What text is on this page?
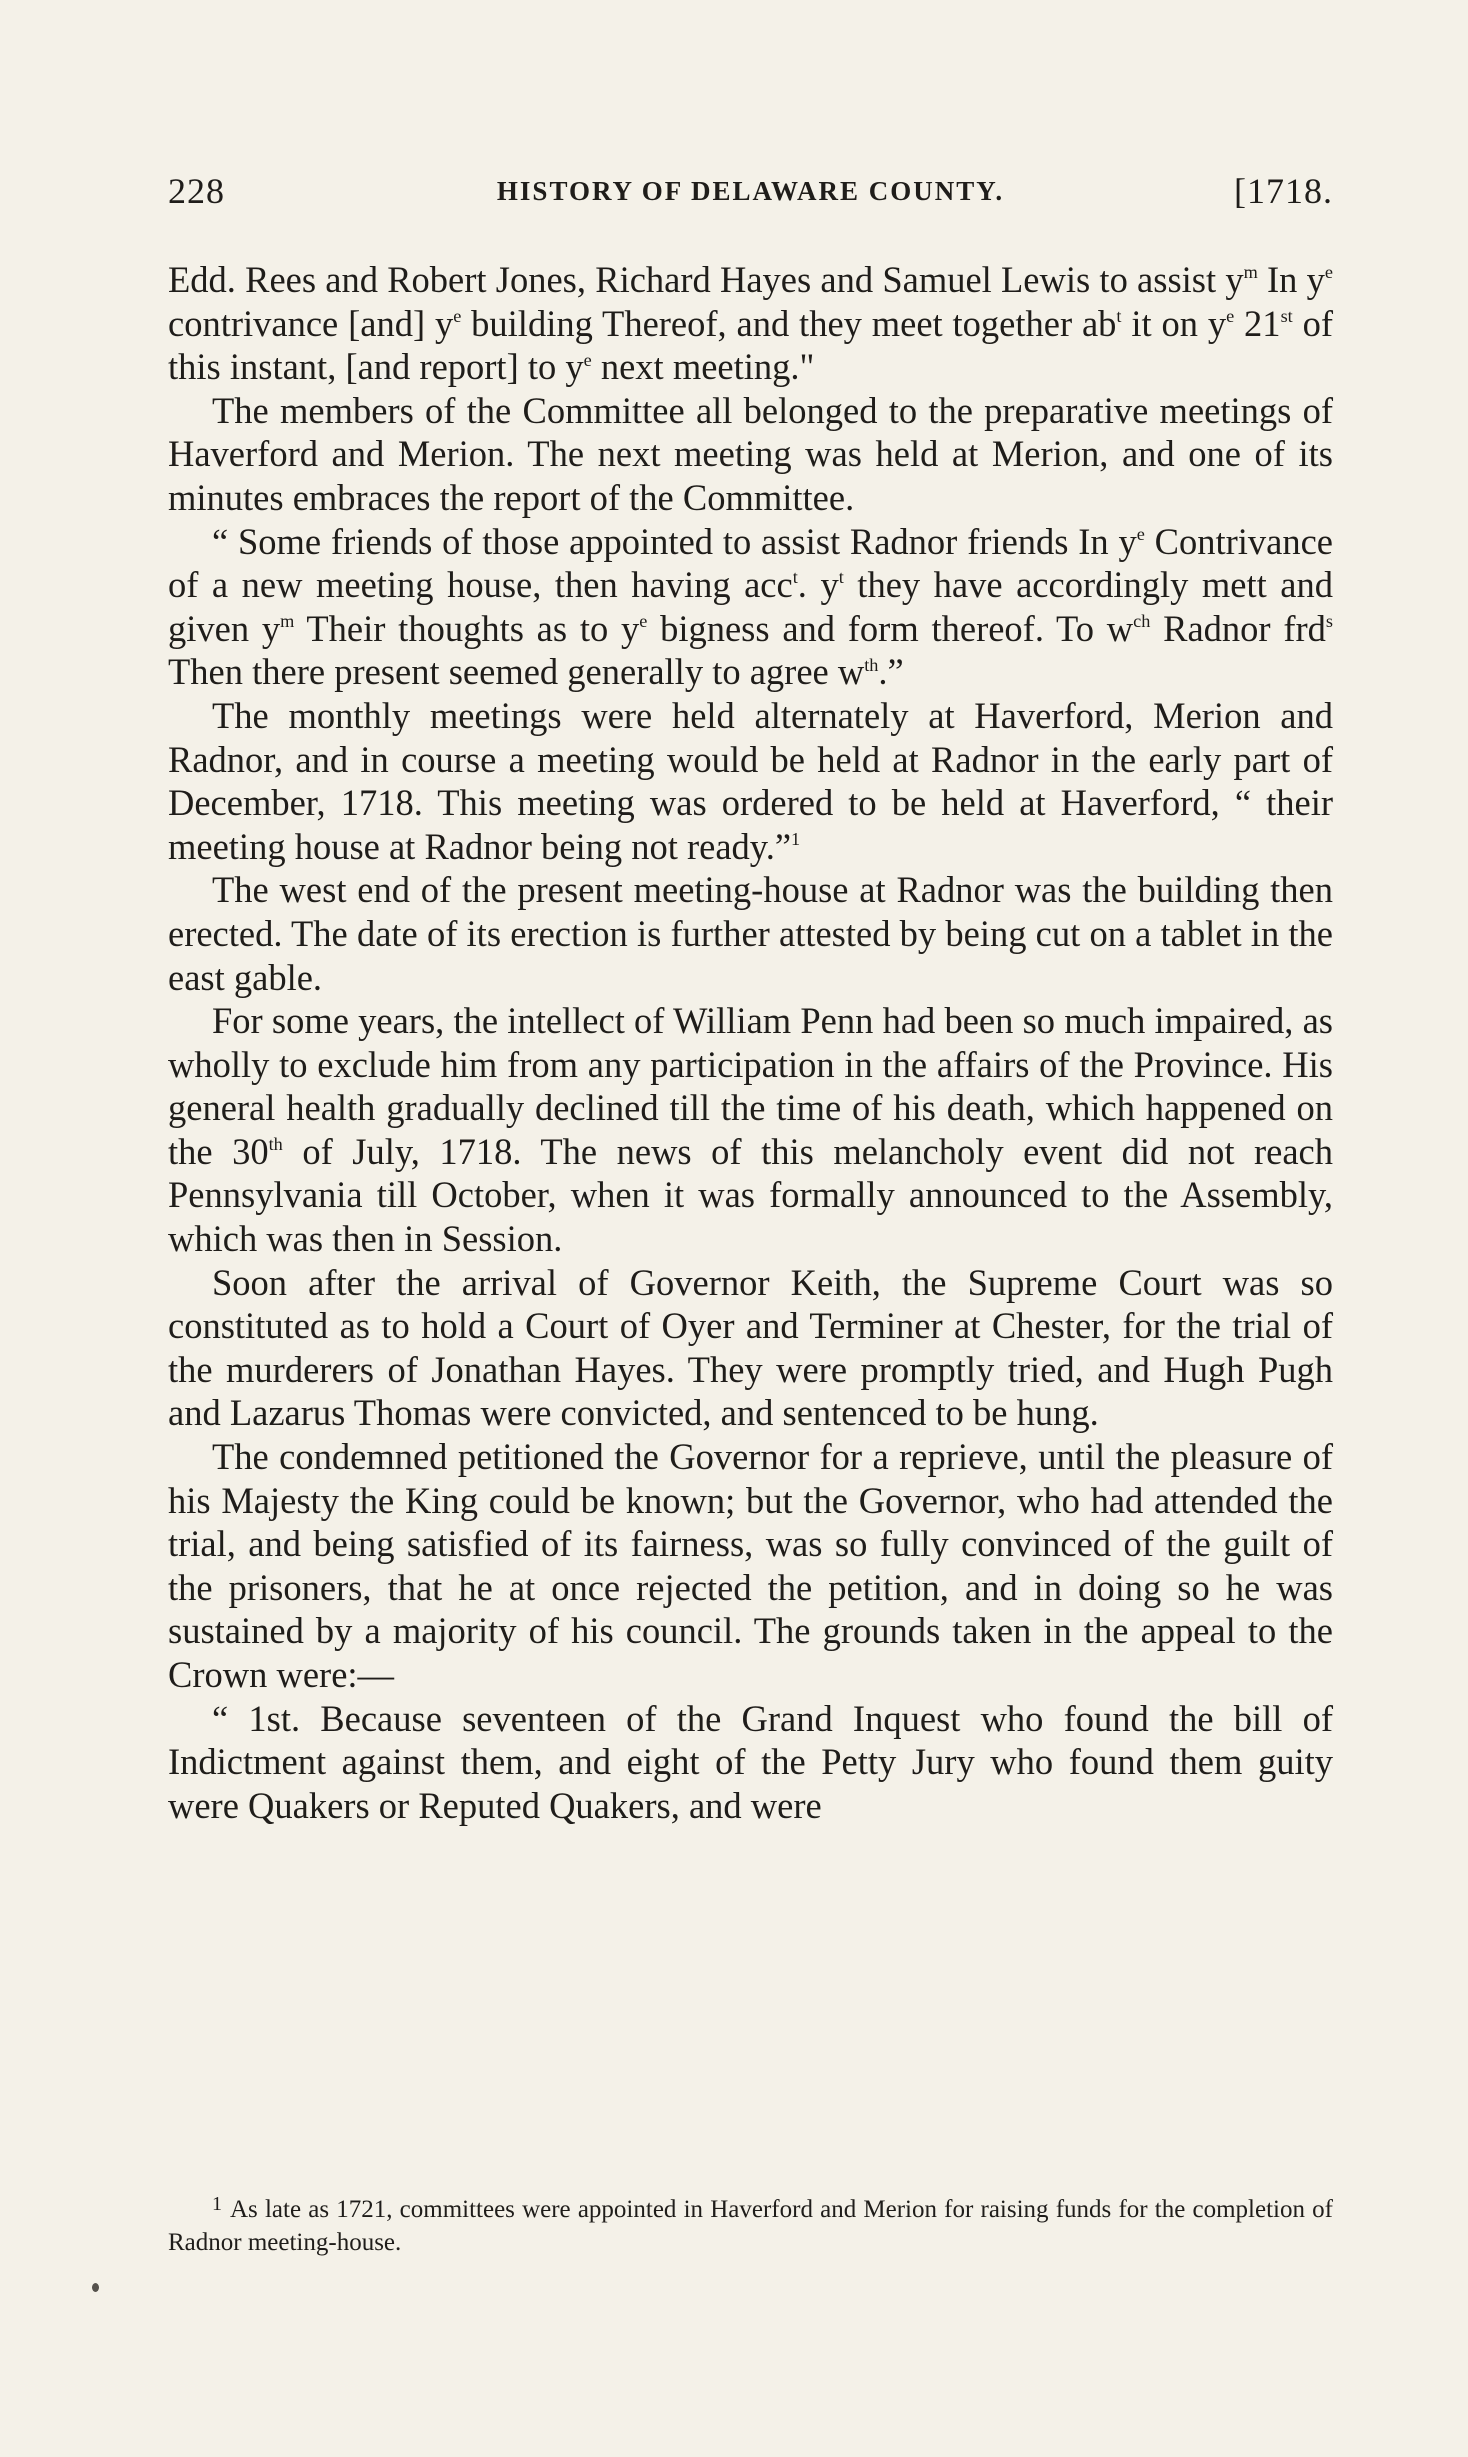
228	HISTORY OF DELAWARE COUNTY.	[1718.

Edd. Rees and Robert Jones, Richard Hayes and Samuel Lewis to assist $y^m$ In $y^e$ contrivance [and] $y^e$ building Thereof, and they meet together $ab^t$ it on $y^e$ 21st of this instant, [and report] to $y^e$ next meeting."

The members of the Committee all belonged to the preparative meetings of Haverford and Merion. The next meeting was held at Merion, and one of its minutes embraces the report of the Committee.

“ Some friends of those appointed to assist Radnor friends In $y^e$ Contrivance of a new meeting house, then having acc$^t$. $y^t$ they have accordingly mett and given $y^m$ Their thoughts as to $y^e$ bigness and form thereof. To $w^{ch}$ Radnor frd$^s$ Then there present seemed generally to agree $w^{th}$.”

The monthly meetings were held alternately at Haverford, Merion and Radnor, and in course a meeting would be held at Radnor in the early part of December, 1718. This meeting was ordered to be held at Haverford, “ their meeting house at Radnor being not ready.”$^1$

The west end of the present meeting-house at Radnor was the building then erected. The date of its erection is further attested by being cut on a tablet in the east gable.

For some years, the intellect of William Penn had been so much impaired, as wholly to exclude him from any participation in the affairs of the Province. His general health gradually declined till the time of his death, which happened on the 30th of July, 1718. The news of this melancholy event did not reach Pennsylvania till October, when it was formally announced to the Assembly, which was then in Session.

Soon after the arrival of Governor Keith, the Supreme Court was so constituted as to hold a Court of Oyer and Terminer at Chester, for the trial of the murderers of Jonathan Hayes. They were promptly tried, and Hugh Pugh and Lazarus Thomas were convicted, and sentenced to be hung.

The condemned petitioned the Governor for a reprieve, until the pleasure of his Majesty the King could be known; but the Governor, who had attended the trial, and being satisfied of its fairness, was so fully convinced of the guilt of the prisoners, that he at once rejected the petition, and in doing so he was sustained by a majority of his council. The grounds taken in the appeal to the Crown were:—

“ 1st. Because seventeen of the Grand Inquest who found the bill of Indictment against them, and eight of the Petty Jury who found them guity were Quakers or Reputed Quakers, and were

$^1$ As late as 1721, committees were appointed in Haverford and Merion for raising funds for the completion of Radnor meeting-house.
